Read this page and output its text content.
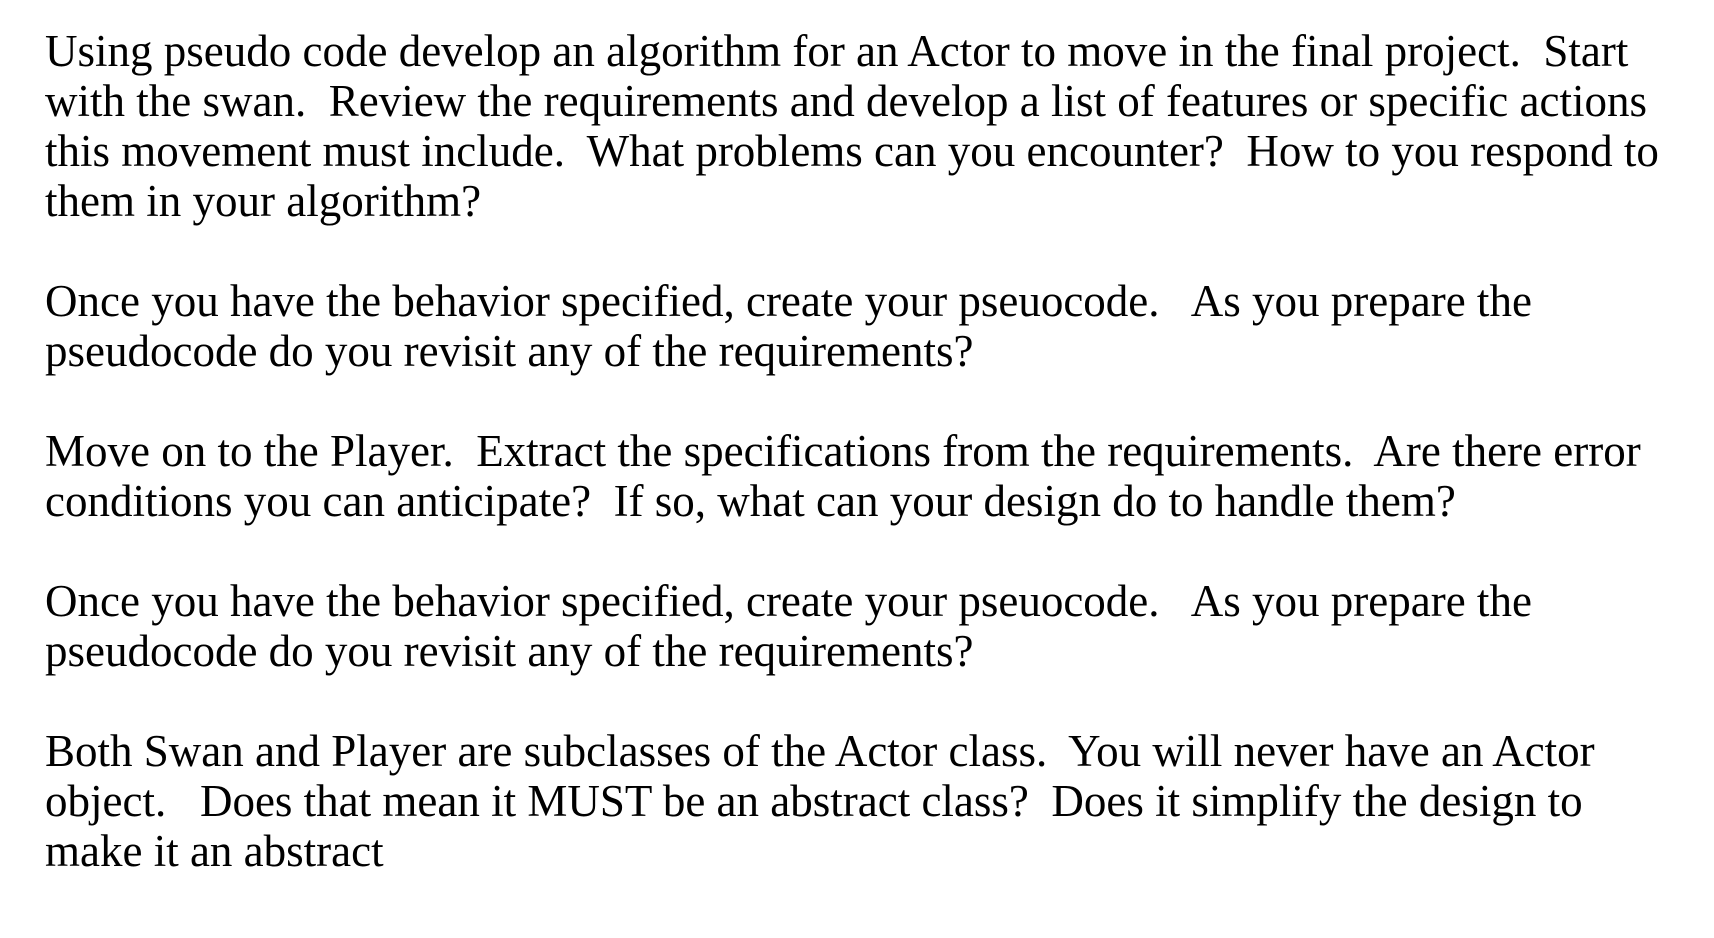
Using pseudo code develop an algorithm for an Actor to move in the final project.  Start
with the swan.  Review the requirements and develop a list of features or specific actions
this movement must include.  What problems can you encounter?  How to you respond to
them in your algorithm?

Once you have the behavior specified, create your pseuocode.   As you prepare the
pseudocode do you revisit any of the requirements?

Move on to the Player.  Extract the specifications from the requirements.  Are there error
conditions you can anticipate?  If so, what can your design do to handle them?

Once you have the behavior specified, create your pseuocode.   As you prepare the
pseudocode do you revisit any of the requirements?

Both Swan and Player are subclasses of the Actor class.  You will never have an Actor
object.   Does that mean it MUST be an abstract class?  Does it simplify the design to
make it an abstract
